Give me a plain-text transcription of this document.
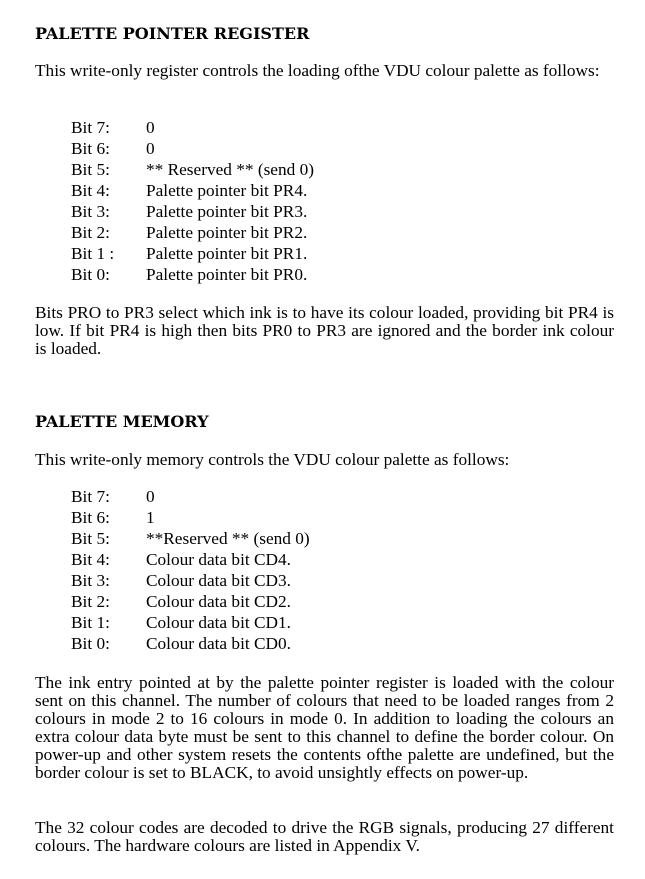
PALETTE POINTER REGISTER

This write-only register controls the loading ofthe VDU colour palette as follows:

Bit 7:	0
Bit 6:	0
Bit 5:	** Reserved ** (send 0)
Bit 4:	Palette pointer bit PR4.
Bit 3:	Palette pointer bit PR3.
Bit 2:	Palette pointer bit PR2.
Bit 1 :	Palette pointer bit PR1.
Bit 0:	Palette pointer bit PR0.

Bits PRO to PR3 select which ink is to have its colour loaded, providing bit PR4 is low. If bit PR4 is high then bits PR0 to PR3 are ignored and the border ink colour is loaded.

PALETTE MEMORY

This write-only memory controls the VDU colour palette as follows:

Bit 7:	0
Bit 6:	1
Bit 5:	**Reserved ** (send 0)
Bit 4:	Colour data bit CD4.
Bit 3:	Colour data bit CD3.
Bit 2:	Colour data bit CD2.
Bit 1:	Colour data bit CD1.
Bit 0:	Colour data bit CD0.

The ink entry pointed at by the palette pointer register is loaded with the colour sent on this channel. The number of colours that need to be loaded ranges from 2 colours in mode 2 to 16 colours in mode 0. In addition to loading the colours an extra colour data byte must be sent to this channel to define the border colour. On power-up and other system resets the contents ofthe palette are undefined, but the border colour is set to BLACK, to avoid unsightly effects on power-up.

The 32 colour codes are decoded to drive the RGB signals, producing 27 different colours. The hardware colours are listed in Appendix V.
